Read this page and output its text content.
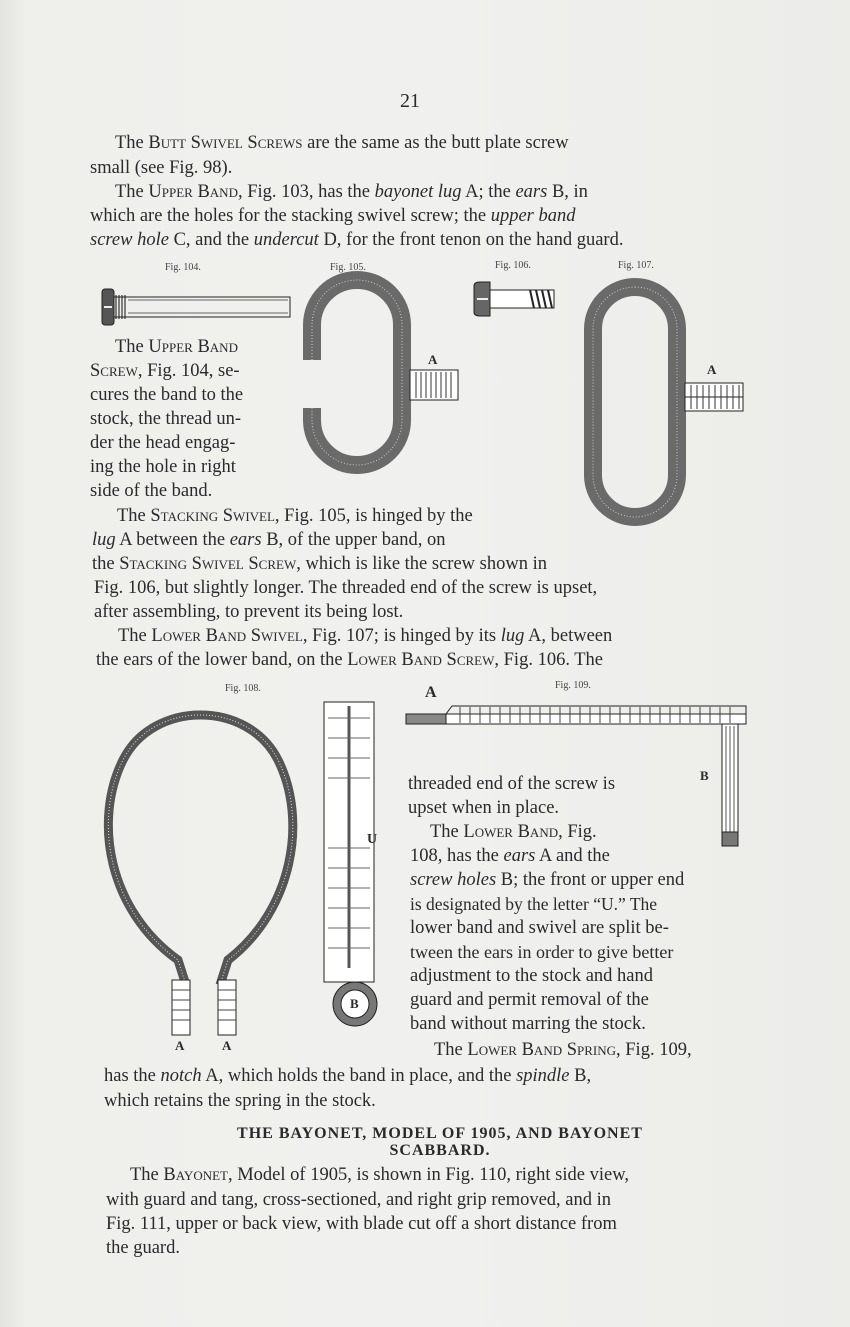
21
The Butt Swivel Screws are the same as the butt plate screw
small (see Fig. 98).
The Upper Band, Fig. 103, has the bayonet lug A; the ears B, in
which are the holes for the stacking swivel screw; the upper band
screw hole C, and the undercut D, for the front tenon on the hand guard.
Fig. 104.	Fig. 105.	Fig. 106.	Fig. 107.
A
A
The Upper Band
Screw, Fig. 104, se-
cures the band to the
stock, the thread un-
der the head engag-
ing the hole in right
side of the band.
The Stacking Swivel, Fig. 105, is hinged by the
lug A between the ears B, of the upper band, on
the Stacking Swivel Screw, which is like the screw shown in
Fig. 106, but slightly longer. The threaded end of the screw is upset,
after assembling, to prevent its being lost.
The Lower Band Swivel, Fig. 107; is hinged by its lug A, between
the ears of the lower band, on the Lower Band Screw, Fig. 106. The
Fig. 108.	Fig. 109.
A	A
U
B
A
B
threaded end of the screw is
upset when in place.
The Lower Band, Fig.
108, has the ears A and the
screw holes B; the front or upper end
is designated by the letter “U.” The
lower band and swivel are split be-
tween the ears in order to give better
adjustment to the stock and hand
guard and permit removal of the
band without marring the stock.
The Lower Band Spring, Fig. 109,
has the notch A, which holds the band in place, and the spindle B,
which retains the spring in the stock.
THE BAYONET, MODEL OF 1905, AND BAYONET
SCABBARD.
The Bayonet, Model of 1905, is shown in Fig. 110, right side view,
with guard and tang, cross-sectioned, and right grip removed, and in
Fig. 111, upper or back view, with blade cut off a short distance from
the guard.
